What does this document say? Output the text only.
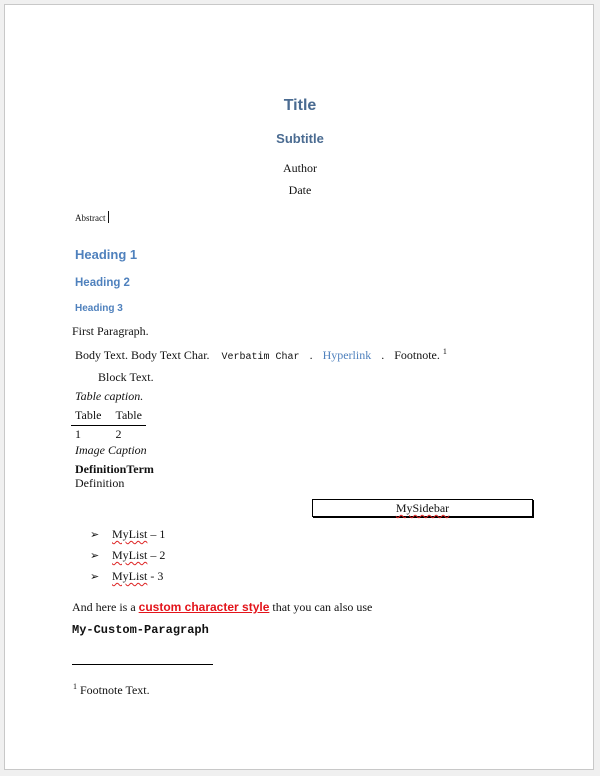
Title
Subtitle
Author
Date
Abstract
Heading 1
Heading 2
Heading 3
First Paragraph.
Body Text. Body Text Char. Verbatim Char . Hyperlink . Footnote. $^1$
Block Text.
Table caption.
Table	Table
1	2
Image Caption
DefinitionTerm
Definition
MySidebar
➢ MyList – 1
➢ MyList – 2
➢ MyList - 3
And here is a custom character style that you can also use
My-Custom-Paragraph
$^1$ Footnote Text.
